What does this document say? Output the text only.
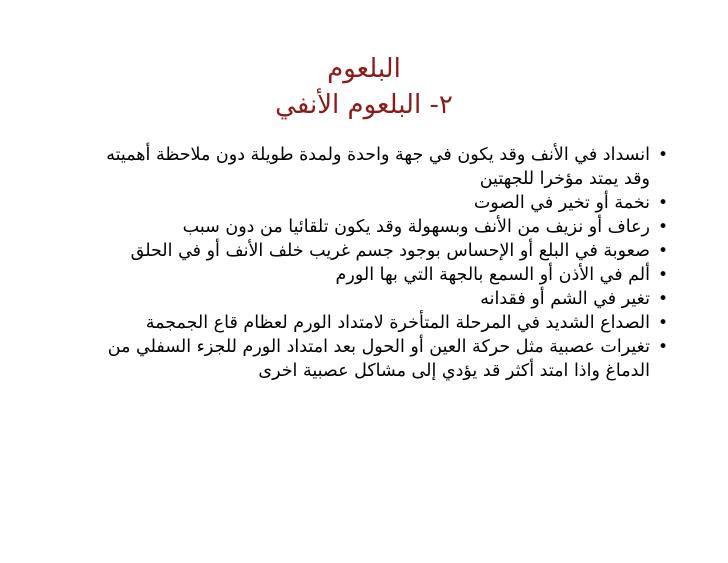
البلعوم
٢- البلعوم الأنفي
•
انسداد في الأنف وقد يكون في جهة واحدة ولمدة طويلة دون ملاحظة أهميته وقد يمتد مؤخرا للجهتين
•
نخمة أو تخير في الصوت
•
رعاف أو نزيف من الأنف وبسهولة وقد يكون تلقائيا من دون سبب
•
صعوبة في البلع أو الإحساس بوجود جسم غريب خلف الأنف أو في الحلق
•
ألم في الأذن أو السمع بالجهة التي بها الورم
•
تغير في الشم أو فقدانه
•
الصداع الشديد في المرحلة المتأخرة لامتداد الورم لعظام قاع الجمجمة
•
تغيرات عصبية مثل حركة العين أو الحول بعد امتداد الورم للجزء السفلي من الدماغ واذا امتد أكثر قد يؤدي إلى مشاكل عصبية اخرى
